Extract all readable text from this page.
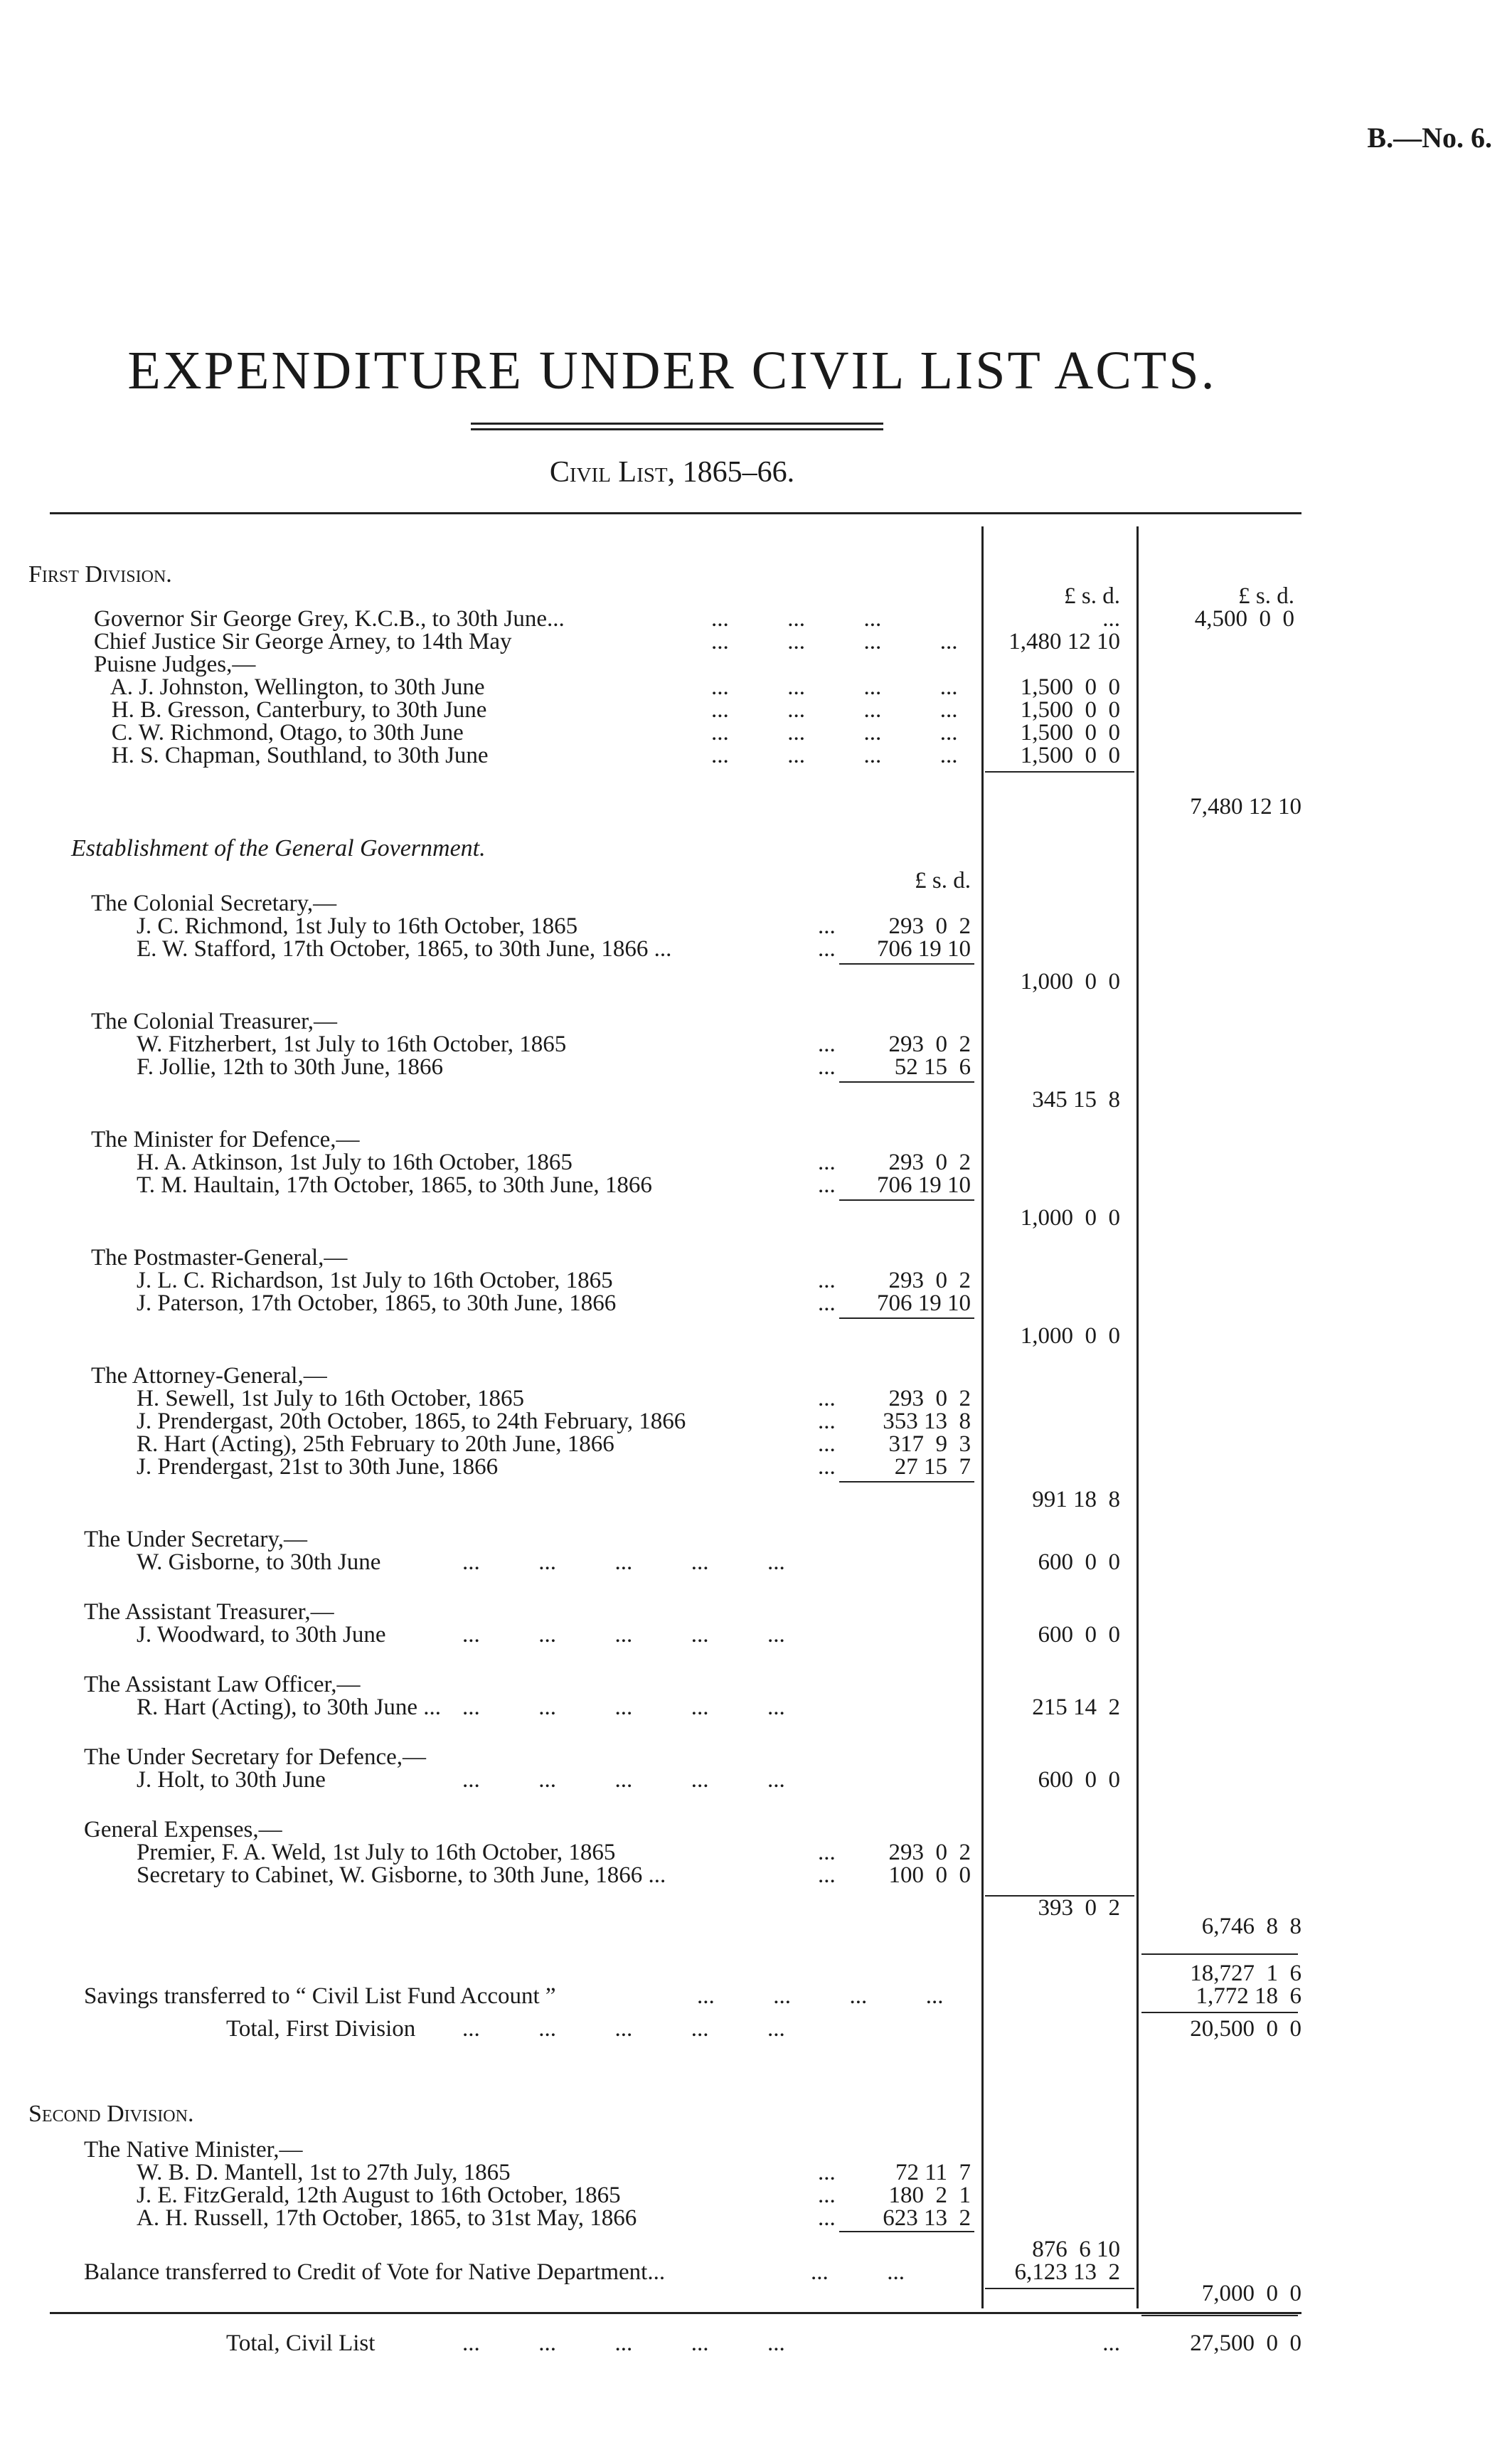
B.—No. 6.
EXPENDITURE UNDER CIVIL LIST ACTS.
Civil List, 1865–66.
First Division.
£ s. d.	£ s. d.
Establishment of the General Government.
£ s. d.
Governor Sir George Grey, K.C.B., to 30th June...	...          ...          ...	...	4,500  0  0
Chief Justice Sir George Arney, to 14th May	...          ...          ...          ...	1,480 12 10
Puisne Judges,—
A. J. Johnston, Wellington, to 30th June	...          ...          ...          ...	1,500  0  0
H. B. Gresson, Canterbury, to 30th June	...          ...          ...          ...	1,500  0  0
C. W. Richmond, Otago, to 30th June	...          ...          ...          ...	1,500  0  0
H. S. Chapman, Southland, to 30th June	...          ...          ...          ...	1,500  0  0
7,480 12 10
The Colonial Secretary,—
J. C. Richmond, 1st July to 16th October, 1865	...	293  0  2
E. W. Stafford, 17th October, 1865, to 30th June, 1866 ...	...	706 19 10
1,000  0  0
The Colonial Treasurer,—
W. Fitzherbert, 1st July to 16th October, 1865	...	293  0  2
F. Jollie, 12th to 30th June, 1866	...	52 15  6
345 15  8
The Minister for Defence,—
H. A. Atkinson, 1st July to 16th October, 1865	...	293  0  2
T. M. Haultain, 17th October, 1865, to 30th June, 1866	...	706 19 10
1,000  0  0
The Postmaster-General,—
J. L. C. Richardson, 1st July to 16th October, 1865	...	293  0  2
J. Paterson, 17th October, 1865, to 30th June, 1866	...	706 19 10
1,000  0  0
The Attorney-General,—
H. Sewell, 1st July to 16th October, 1865	...	293  0  2
J. Prendergast, 20th October, 1865, to 24th February, 1866	...	353 13  8
R. Hart (Acting), 25th February to 20th June, 1866	...	317  9  3
J. Prendergast, 21st to 30th June, 1866	...	27 15  7
991 18  8
The Under Secretary,—
W. Gisborne, to 30th June	...          ...          ...          ...          ...	600  0  0
The Assistant Treasurer,—
J. Woodward, to 30th June	...          ...          ...          ...          ...	600  0  0
The Assistant Law Officer,—
R. Hart (Acting), to 30th June ... ...          ...          ...          ...          ...	215 14  2
The Under Secretary for Defence,—
J. Holt, to 30th June	...          ...          ...          ...          ...	600  0  0
General Expenses,—
Premier, F. A. Weld, 1st July to 16th October, 1865	...	293  0  2
Secretary to Cabinet, W. Gisborne, to 30th June, 1866 ...	...	100  0  0
393  0  2
6,746  8  8
18,727  1  6
Savings transferred to “ Civil List Fund Account ”	...          ...          ...          ...	1,772 18  6
Total, First Division ...          ...          ...          ...          ...	20,500  0  0
Second Division.
The Native Minister,—
W. B. D. Mantell, 1st to 27th July, 1865	...	72 11  7
J. E. FitzGerald, 12th August to 16th October, 1865	...	180  2  1
A. H. Russell, 17th October, 1865, to 31st May, 1866	...	623 13  2
876  6 10
Balance transferred to Credit of Vote for Native Department...	...          ...	6,123 13  2
7,000  0  0
Total, Civil List	...          ...          ...          ...          ...	...	27,500  0  0
